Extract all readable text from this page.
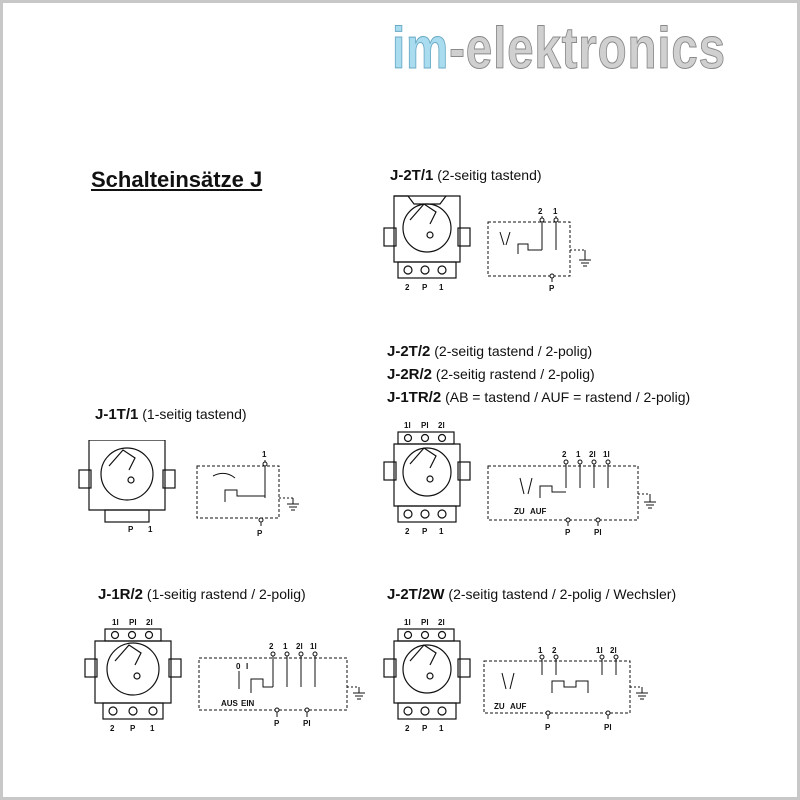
im-elektronics
Schalteinsätze J	J-2T/1 (2-seitig tastend)
J-2T/2 (2-seitig tastend / 2-polig)
J-2R/2 (2-seitig rastend / 2-polig)
J-1TR/2 (AB = tastend / AUF = rastend / 2-polig)
J-1T/1 (1-seitig tastend)
J-1R/2 (1-seitig rastend / 2-polig)	J-2T/2W (2-seitig tastend / 2-polig / Wechsler)
2 P 1
2 1
P
1l Pl 2l
2 P 1
2 1 2l 1l
ZU AUF
P	Pl
P 1
1
P
1l Pl 2l
2 P 1
2 1 2l 1l
0 I
AUS EIN
P	Pl
1l Pl 2l
2 P 1
1 2	1l 2l
ZU AUF
P	Pl
